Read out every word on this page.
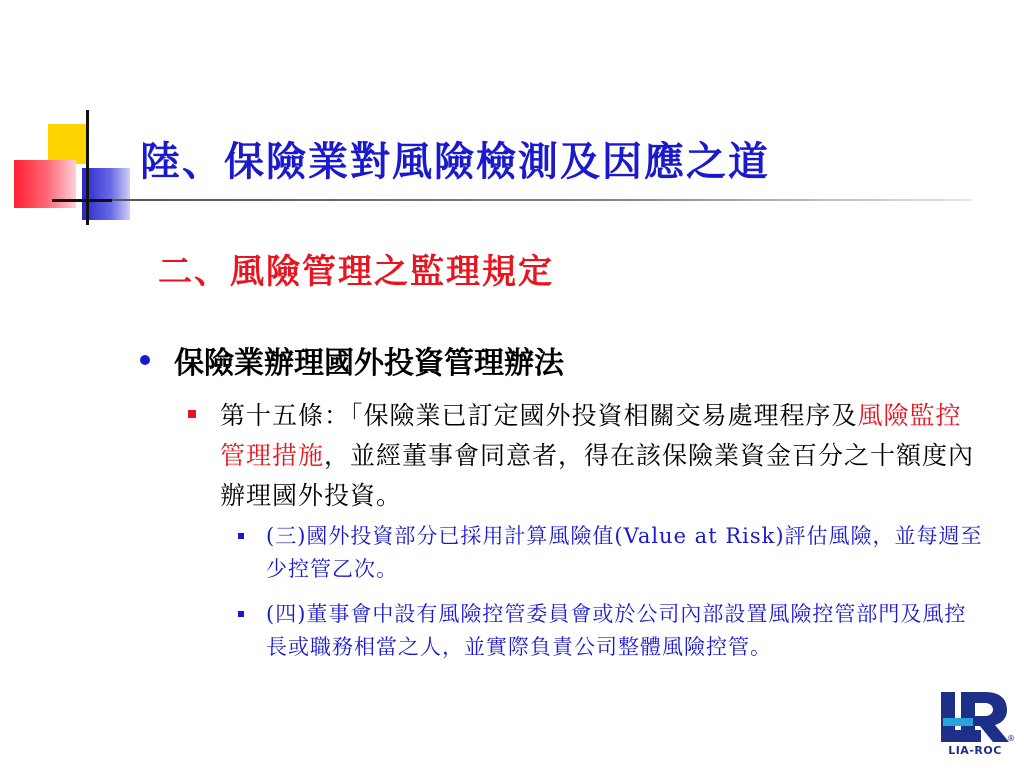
陸、保險業對風險檢測及因應之道
二、風險管理之監理規定
保險業辦理國外投資管理辦法

第十五條：「保險業已訂定國外投資相關交易處理程序及風險監控管理措施，並經董事會同意者，得在該保險業資金百分之十額度內辦理國外投資。

(三)國外投資部分已採用計算風險值(Value at Risk)評估風險，並每週至少控管乙次。

(四)董事會中設有風險控管委員會或於公司內部設置風險控管部門及風控長或職務相當之人，並實際負責公司整體風險控管。

®
LIA-ROC
